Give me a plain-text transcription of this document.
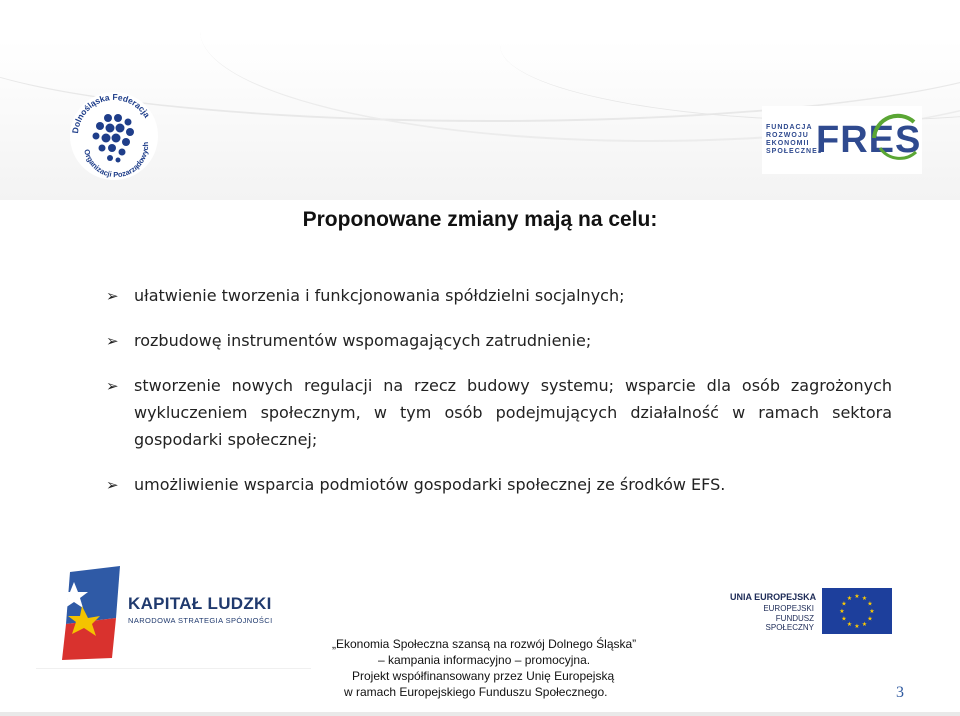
Dolnośląska Federacja
Organizacji Pozarządowych
FUNDACJA ROZWOJU EKONOMII SPOŁECZNEJ
FRES
Proponowane zmiany mają na celu:
➢ ułatwienie tworzenia i funkcjonowania spółdzielni socjalnych;
➢ rozbudowę instrumentów wspomagających zatrudnienie;
➢ stworzenie nowych regulacji na rzecz budowy systemu; wsparcie dla osób zagrożonych wykluczeniem społecznym, w tym osób podejmujących działalność w ramach sektora gospodarki społecznej;
➢ umożliwienie wsparcia podmiotów gospodarki społecznej ze środków EFS.
KAPITAŁ LUDZKI
NARODOWA STRATEGIA SPÓJNOŚCI
UNIA EUROPEJSKA
EUROPEJSKI
FUNDUSZ SPOŁECZNY
★ ★
★
★
★
★
★
★
★
★
★
★
„Ekonomia Społeczna szansą na rozwój Dolnego Śląska”
– kampania informacyjno – promocyjna.
Projekt współfinansowany przez Unię Europejską
w ramach Europejskiego Funduszu Społecznego.	3
